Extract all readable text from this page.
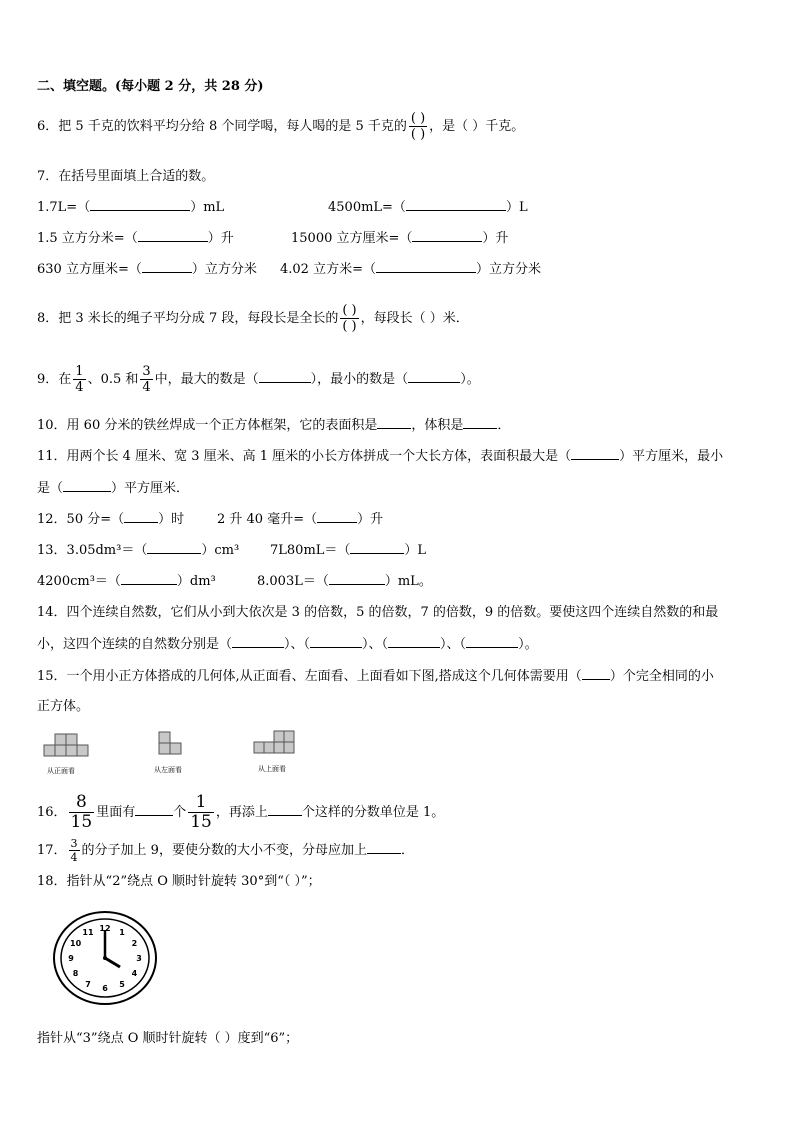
二、填空题。(每小题 2 分，共 28 分)
6．把 5 千克的饮料平均分给 8 个同学喝，每人喝的是 5 千克的 $\frac{( )}{( )}$ ，是（ ）千克。
7．在括号里面填上合适的数。
1.7L=（	）mL	4500mL=（	）L
1.5 立方分米=（	）升	15000 立方厘米=（	）升
630 立方厘米=（	）立方分米 4.02 立方米=（	）立方分米
8．把 3 米长的绳子平均分成 7 段，每段长是全长的 $\frac{( )}{( )}$ ，每段长（ ）米．
9．在 $\frac{1}{4}$ 、0.5 和 $\frac{3}{4}$ 中，最大的数是（	），最小的数是（	）。
10．用 60 分米的铁丝焊成一个正方体框架，它的表面积是	，体积是	．
11．用两个长 4 厘米、宽 3 厘米、高 1 厘米的小长方体拼成一个大长方体，表面积最大是（	）平方厘米，最小
是（	）平方厘米．
12．50 分=（	）时	2 升 40 毫升=（	）升
13．3.05dm³＝（	）cm³ 7L80mL＝（	）L
4200cm³＝（	）dm³	8.003L＝（	）mL。
14．四个连续自然数，它们从小到大依次是 3 的倍数，5 的倍数，7 的倍数，9 的倍数。要使这四个连续自然数的和最
小，这四个连续的自然数分别是（	）、（	）、（	）、（	）。
15．一个用小正方体搭成的几何体,从正面看、左面看、上面看如下图,搭成这个几何体需要用（ ）个完全相同的小
正方体。
从正面看	从左面看	从上面看
16． $\frac{8}{15}$ 里面有	个 $\frac{1}{15}$ ，再添上	个这样的分数单位是 1。
17． $\frac{3}{4}$ 的分子加上 9，要使分数的大小不变，分母应加上	．
18．指针从“2”绕点 O 顺时针旋转 30°到“（ ）”；
12 1
2
3
4
5
6
7
8
9
10
11
指针从“3”绕点 O 顺时针旋转（ ）度到“6”；
